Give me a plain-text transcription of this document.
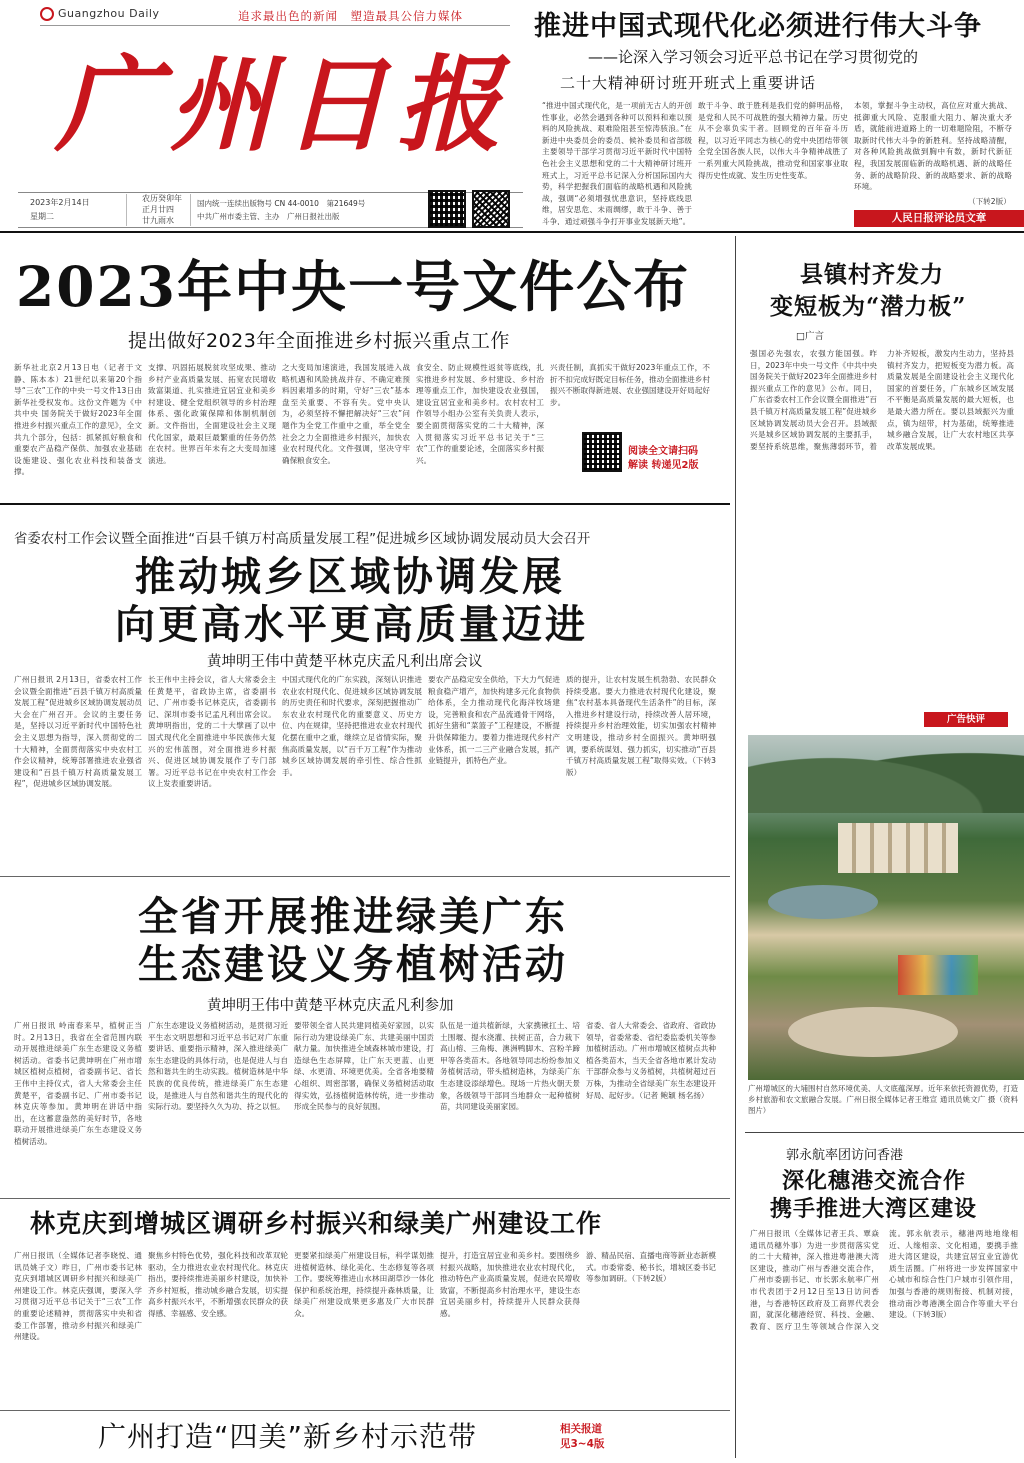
Guangzhou Daily	追求最出色的新闻　塑造最具公信力媒体
广州日报
2023年2月14日
星期二
农历癸卯年
正月廿四
廿九雨水
国内统一连续出版物号 CN 44-0010　第21649号
中共广州市委主管、主办　广州日报社出版
推进中国式现代化必须进行伟大斗争
——论深入学习领会习近平总书记在学习贯彻党的
二十大精神研讨班开班式上重要讲话
“推进中国式现代化，是一项前无古人的开创性事业，必然会遇到各种可以预料和难以预料的风险挑战、艰难险阻甚至惊涛骇浪。”在新进中央委员会的委员、候补委员和省部级主要领导干部学习贯彻习近平新时代中国特色社会主义思想和党的二十大精神研讨班开班式上，习近平总书记深入分析国际国内大势，科学把握我们面临的战略机遇和风险挑战，强调“必须增强忧患意识，坚持底线思维，居安思危、未雨绸缪，敢于斗争、善于斗争，通过顽强斗争打开事业发展新天地”。
敢于斗争、敢于胜利是我们党的鲜明品格，是党和人民不可战胜的强大精神力量。历史从不会辜负实干者。回顾党的百年奋斗历程，以习近平同志为核心的党中央团结带领全党全国各族人民，以伟大斗争精神战胜了一系列重大风险挑战，推动党和国家事业取得历史性成就、发生历史性变革。
本领，掌握斗争主动权，高位应对重大挑战、抵御重大风险、克服重大阻力、解决重大矛盾，就能前进道路上的一切难题险阻，不断夺取新时代伟大斗争的新胜利。坚持战略清醒，对各种风险挑战做到胸中有数，新时代新征程，我国发展面临新的战略机遇、新的战略任务、新的战略阶段、新的战略要求、新的战略环境。
（下转2版）
人民日报评论员文章
2023年中央一号文件公布
提出做好2023年全面推进乡村振兴重点工作
新华社北京2月13日电（记者于文静、陈本本）21世纪以来第20个指导“三农”工作的中央一号文件13日由新华社受权发布。这份文件题为《中共中央 国务院关于做好2023年全面推进乡村振兴重点工作的意见》，全文共九个部分，包括：抓紧抓好粮食和重要农产品稳产保供、加强农业基础设施建设、强化农业科技和装备支撑。
支撑、巩固拓展脱贫攻坚成果、推动乡村产业高质量发展、拓宽农民增收致富渠道、扎实推进宜居宜业和美乡村建设、健全党组织领导的乡村治理体系、强化政策保障和体制机制创新。文件指出，全面建设社会主义现代化国家，最艰巨最繁重的任务仍然在农村。世界百年未有之大变局加速演进。
之大变局加速演进，我国发展进入战略机遇和风险挑战并存、不确定难预料因素增多的时期，守好“三农”基本盘至关重要、不容有失。党中央认为，必须坚持不懈把解决好“三农”问题作为全党工作重中之重，举全党全社会之力全面推进乡村振兴，加快农业农村现代化。文件强调，坚决守牢确保粮食安全。
食安全、防止规模性返贫等底线，扎实推进乡村发展、乡村建设、乡村治理等重点工作，加快建设农业强国，建设宜居宜业和美乡村。农村农村工作领导小组办公室有关负责人表示，要全面贯彻落实党的二十大精神，深入贯彻落实习近平总书记关于“三农”工作的重要论述，全面落实乡村振兴。
兴责任制，真抓实干做好2023年重点工作，不折不扣完成好既定目标任务，推动全面推进乡村振兴不断取得新进展、农业强国建设开好局起好步。
阅读全文请扫码
解读 转递见2版
省委农村工作会议暨全面推进“百县千镇万村高质量发展工程”促进城乡区域协调发展动员大会召开
推动城乡区域协调发展
向更高水平更高质量迈进
黄坤明王伟中黄楚平林克庆孟凡利出席会议
广州日报讯 2月13日，省委农村工作会议暨全面推进“百县千镇万村高质量发展工程”促进城乡区域协调发展动员大会在广州召开。会议的主要任务是，坚持以习近平新时代中国特色社会主义思想为指导，深入贯彻党的二十大精神，全面贯彻落实中央农村工作会议精神，统筹部署推进农业强省建设和“百县千镇万村高质量发展工程”，促进城乡区域协调发展。
长王伟中主持会议，省人大常委会主任黄楚平，省政协主席，省委副书记、广州市委书记林克庆，省委副书记、深圳市委书记孟凡利出席会议。黄坤明指出，党的二十大擘画了以中国式现代化全面推进中华民族伟大复兴的宏伟蓝图，对全面推进乡村振兴、促进区域协调发展作了专门部署。习近平总书记在中央农村工作会议上发表重要讲话。
中国式现代化的广东实践，深刻认识推进农业农村现代化、促进城乡区域协调发展的历史责任和时代要求，深刻把握推动广东农业农村现代化的重要意义、历史方位、内在规律，坚持把推进农业农村现代化摆在重中之重，继续立足省情实际，聚焦高质量发展，以“百千万工程”作为推动城乡区域协调发展的牵引性、综合性抓手。
要农产品稳定安全供给，下大力气促进粮食稳产增产，加快构建多元化食物供给体系，全力推动现代化海洋牧场建设，完善粮食和农产品流通骨干网络，抓好生猪和“菜篮子”工程建设，不断提升供保障能力。要着力推进现代乡村产业体系，抓一二三产业融合发展，抓产业链提升，抓特色产业。
质的提升，让农村发展生机勃勃、农民群众持续受惠。要大力推进农村现代化建设，聚焦“农村基本具备现代生活条件”的目标，深入推进乡村建设行动，持续改善人居环境，持续提升乡村治理效能，切实加强农村精神文明建设，推动乡村全面振兴。黄坤明强调，要系统谋划、强力抓实，切实推动“百县千镇万村高质量发展工程”取得实效。（下转3版）
全省开展推进绿美广东
生态建设义务植树活动
黄坤明王伟中黄楚平林克庆孟凡利参加
广州日报讯 岭南春来早，植树正当时。2月13日，我省在全省范围内联动开展推进绿美广东生态建设义务植树活动。省委书记黄坤明在广州市增城区植树点植树，省委副书记、省长王伟中主持仪式，省人大常委会主任黄楚平，省委副书记、广州市委书记林克庆等参加。黄坤明在讲话中指出，在这蓄意盎然的美好时节，各地联动开展推进绿美广东生态建设义务植树活动。
广东生态建设义务植树活动，是贯彻习近平生态文明思想和习近平总书记对广东重要讲话、重要指示精神，深入推进绿美广东生态建设的具体行动，也是促进人与自然和谐共生的生动实践。植树造林是中华民族的优良传统，推进绿美广东生态建设，是推进人与自然和谐共生的现代化的实际行动。要坚持久久为功、持之以恒。
要带领全省人民共建同植美好家园，以实际行动为建设绿美广东、共建美丽中国贡献力量。加快推进全域森林城市建设，打造绿色生态屏障，让广东天更蓝、山更绿、水更清、环境更优美。全省各地要精心组织、周密部署，确保义务植树活动取得实效，弘扬植树造林传统，进一步推动形成全民参与的良好氛围。
队伍是一道共植新绿，大家携锹扛土、培土围堰、提水浇灌、扶树正苗，合力栽下高山榕、三角梅、澳洲鸭脚木、宫粉羊蹄甲等各类苗木。各地领导同志纷纷参加义务植树活动，带头植树造林，为绿美广东生态建设添绿增色。现场一片热火朝天景象，各级领导干部同当地群众一起种植树苗，共同建设美丽家园。
省委、省人大常委会、省政府、省政协领导，省委常委、省纪委监委机关等参加植树活动。广州市增城区植树点共种植各类苗木，当天全省各地市累计发动干部群众参与义务植树，共植树超过百万株，为推动全省绿美广东生态建设开好局、起好步。（记者 鲍颖 杨名扬）
林克庆到增城区调研乡村振兴和绿美广州建设工作
广州日报讯（全媒体记者李晓悦、通讯员姚子文）昨日，广州市委书记林克庆到增城区调研乡村振兴和绿美广州建设工作。林克庆强调，要深入学习贯彻习近平总书记关于“三农”工作的重要论述精神，贯彻落实中央和省委工作部署，推动乡村振兴和绿美广州建设。
聚焦乡村特色优势，强化科技和改革双轮驱动，全力推进农业农村现代化。林克庆指出，要持续推进美丽乡村建设，加快补齐乡村短板，推动城乡融合发展，切实提高乡村振兴水平，不断增强农民群众的获得感、幸福感、安全感。
更要紧扣绿美广州建设目标，科学谋划推进植树造林、绿化美化、生态修复等各项工作。要统筹推进山水林田湖草沙一体化保护和系统治理，持续提升森林质量，让绿美广州建设成果更多惠及广大市民群众。
提升，打造宜居宜业和美乡村。要围绕乡村振兴战略，加快推进农业农村现代化，推动特色产业高质量发展，促进农民增收致富，不断提高乡村治理水平，建设生态宜居美丽乡村，持续提升人民群众获得感。
游、精品民宿、直播电商等新业态新模式。市委常委、秘书长，增城区委书记等参加调研。（下转2版）
广州打造“四美”新乡村示范带	相关报道
见3~4版
县镇村齐发力
变短板为“潜力板”
□广言
强国必先强农，农强方能国强。昨日，2023年中央一号文件《中共中央 国务院关于做好2023年全面推进乡村振兴重点工作的意见》公布。同日，广东省委农村工作会议暨全面推进“百县千镇万村高质量发展工程”促进城乡区域协调发展动员大会召开。县域振兴是城乡区域协调发展的主要抓手，要坚持系统思维，聚焦薄弱环节，着力补齐短板，激发内生动力，坚持县镇村齐发力，把短板变为潜力板。高质量发展是全面建设社会主义现代化国家的首要任务，广东城乡区域发展不平衡是高质量发展的最大短板，也是最大潜力所在。要以县域振兴为重点，镇为纽带，村为基础，统筹推进城乡融合发展，让广大农村地区共享改革发展成果。
广告快评
广州增城区的大埔围村自然环境优美、人文底蕴深厚。近年来依托资源优势，打造乡村旅游和农文旅融合发展。广州日报全媒体记者王维宣 通讯员姚文广 摄（资料图片）
郭永航率团访问香港
深化穗港交流合作
携手推进大湾区建设
广州日报讯（全媒体记者王兵、覃焱 通讯员穗外事）为进一步贯彻落实党的二十大精神，深入推进粤港澳大湾区建设，推动广州与香港交流合作，广州市委副书记、市长郭永航率广州市代表团于2月12日至13日访问香港，与香港特区政府及工商界代表会面，就深化穗港经贸、科技、金融、教育、医疗卫生等领域合作深入交流。郭永航表示，穗港两地地缘相近、人缘相亲、文化相通，要携手推进大湾区建设，共建宜居宜业宜游优质生活圈。广州将进一步发挥国家中心城市和综合性门户城市引领作用，加强与香港的规则衔接、机制对接，推动南沙粤港澳全面合作等重大平台建设。（下转3版）
